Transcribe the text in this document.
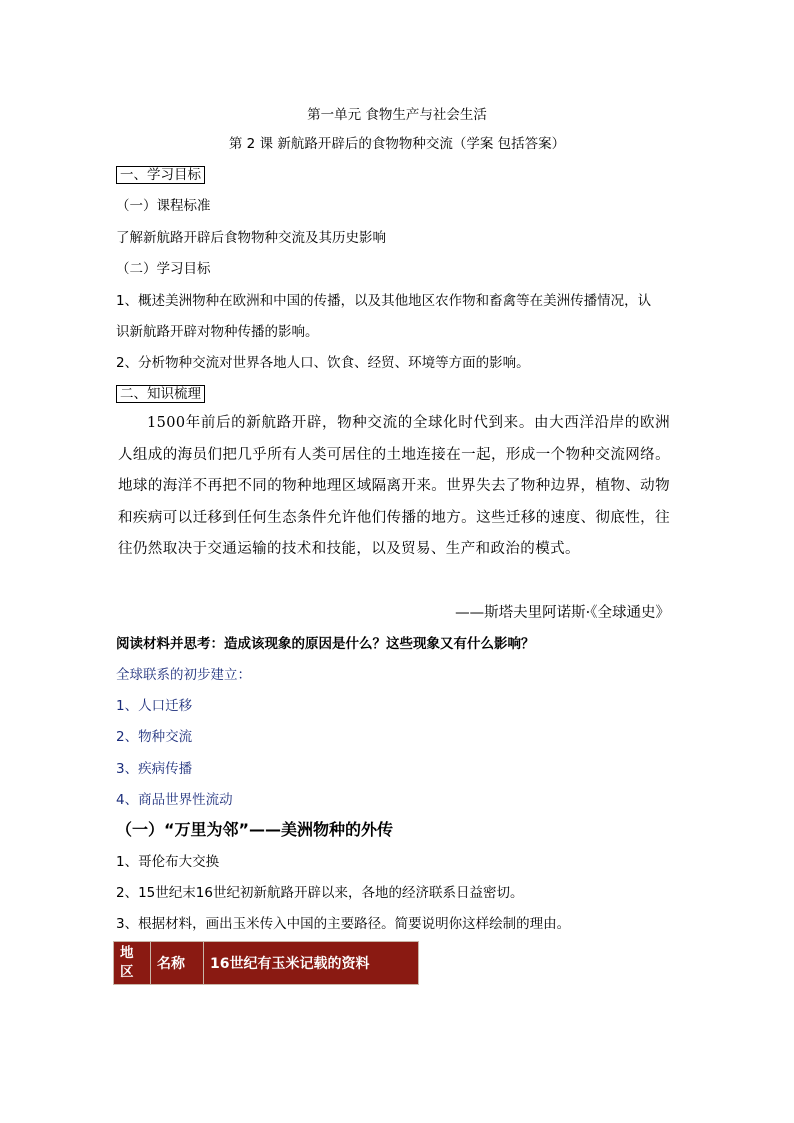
第一单元 食物生产与社会生活
第 2 课 新航路开辟后的食物物种交流（学案 包括答案）
一、学习目标
（一）课程标准
了解新航路开辟后食物物种交流及其历史影响
（二）学习目标
1、概述美洲物种在欧洲和中国的传播，以及其他地区农作物和畜禽等在美洲传播情况，认
识新航路开辟对物种传播的影响。
2、分析物种交流对世界各地人口、饮食、经贸、环境等方面的影响。
二、知识梳理
1500年前后的新航路开辟，物种交流的全球化时代到来。由大西洋沿岸的欧洲人组成的海员们把几乎所有人类可居住的土地连接在一起，形成一个物种交流网络。地球的海洋不再把不同的物种地理区域隔离开来。世界失去了物种边界，植物、动物和疾病可以迁移到任何生态条件允许他们传播的地方。这些迁移的速度、彻底性，往往仍然取决于交通运输的技术和技能，以及贸易、生产和政治的模式。
——斯塔夫里阿诺斯·《全球通史》
阅读材料并思考：造成该现象的原因是什么？这些现象又有什么影响？
全球联系的初步建立：
1、人口迁移
2、物种交流
3、疾病传播
4、商品世界性流动
（一）“万里为邻”——美洲物种的外传
1、哥伦布大交换
2、15世纪末16世纪初新航路开辟以来，各地的经济联系日益密切。
3、根据材料，画出玉米传入中国的主要路径。简要说明你这样绘制的理由。
地区	名称	16世纪有玉米记载的资料
